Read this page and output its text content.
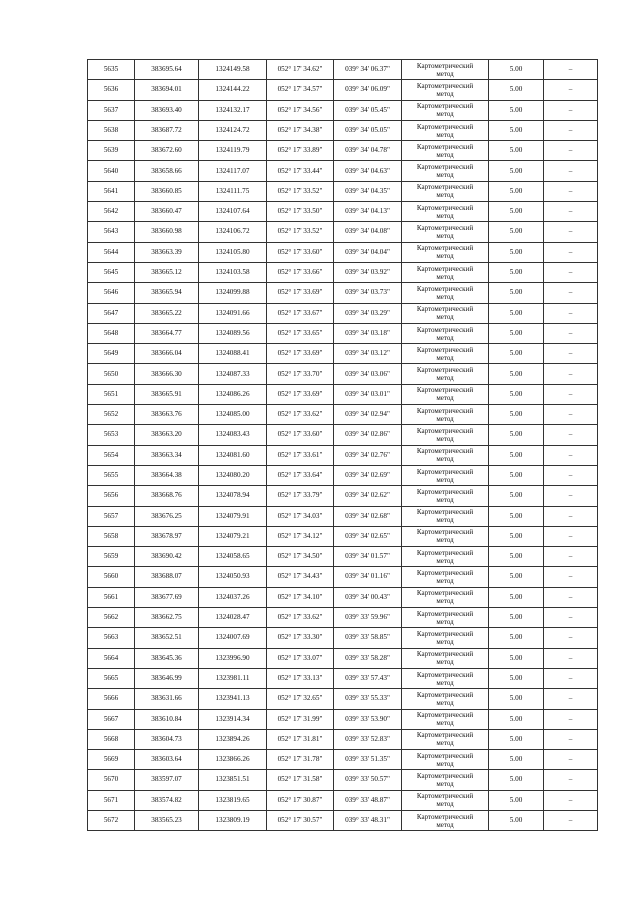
5635	383695.64	1324149.58	052° 17' 34.62"	039° 34' 06.37"	Картометрический
метод	5.00	–
5636	383694.01	1324144.22	052° 17' 34.57"	039° 34' 06.09"	Картометрический
метод	5.00	–
5637	383693.40	1324132.17	052° 17' 34.56"	039° 34' 05.45"	Картометрический
метод	5.00	–
5638	383687.72	1324124.72	052° 17' 34.38"	039° 34' 05.05"	Картометрический
метод	5.00	–
5639	383672.60	1324119.79	052° 17' 33.89"	039° 34' 04.78"	Картометрический
метод	5.00	–
5640	383658.66	1324117.07	052° 17' 33.44"	039° 34' 04.63"	Картометрический
метод	5.00	–
5641	383660.85	1324111.75	052° 17' 33.52"	039° 34' 04.35"	Картометрический
метод	5.00	–
5642	383660.47	1324107.64	052° 17' 33.50"	039° 34' 04.13"	Картометрический
метод	5.00	–
5643	383660.98	1324106.72	052° 17' 33.52"	039° 34' 04.08"	Картометрический
метод	5.00	–
5644	383663.39	1324105.80	052° 17' 33.60"	039° 34' 04.04"	Картометрический
метод	5.00	–
5645	383665.12	1324103.58	052° 17' 33.66"	039° 34' 03.92"	Картометрический
метод	5.00	–
5646	383665.94	1324099.88	052° 17' 33.69"	039° 34' 03.73"	Картометрический
метод	5.00	–
5647	383665.22	1324091.66	052° 17' 33.67"	039° 34' 03.29"	Картометрический
метод	5.00	–
5648	383664.77	1324089.56	052° 17' 33.65"	039° 34' 03.18"	Картометрический
метод	5.00	–
5649	383666.04	1324088.41	052° 17' 33.69"	039° 34' 03.12"	Картометрический
метод	5.00	–
5650	383666.30	1324087.33	052° 17' 33.70"	039° 34' 03.06"	Картометрический
метод	5.00	–
5651	383665.91	1324086.26	052° 17' 33.69"	039° 34' 03.01"	Картометрический
метод	5.00	–
5652	383663.76	1324085.00	052° 17' 33.62"	039° 34' 02.94"	Картометрический
метод	5.00	–
5653	383663.20	1324083.43	052° 17' 33.60"	039° 34' 02.86"	Картометрический
метод	5.00	–
5654	383663.34	1324081.60	052° 17' 33.61"	039° 34' 02.76"	Картометрический
метод	5.00	–
5655	383664.38	1324080.20	052° 17' 33.64"	039° 34' 02.69"	Картометрический
метод	5.00	–
5656	383668.76	1324078.94	052° 17' 33.79"	039° 34' 02.62"	Картометрический
метод	5.00	–
5657	383676.25	1324079.91	052° 17' 34.03"	039° 34' 02.68"	Картометрический
метод	5.00	–
5658	383678.97	1324079.21	052° 17' 34.12"	039° 34' 02.65"	Картометрический
метод	5.00	–
5659	383690.42	1324058.65	052° 17' 34.50"	039° 34' 01.57"	Картометрический
метод	5.00	–
5660	383688.07	1324050.93	052° 17' 34.43"	039° 34' 01.16"	Картометрический
метод	5.00	–
5661	383677.69	1324037.26	052° 17' 34.10"	039° 34' 00.43"	Картометрический
метод	5.00	–
5662	383662.75	1324028.47	052° 17' 33.62"	039° 33' 59.96"	Картометрический
метод	5.00	–
5663	383652.51	1324007.69	052° 17' 33.30"	039° 33' 58.85"	Картометрический
метод	5.00	–
5664	383645.36	1323996.90	052° 17' 33.07"	039° 33' 58.28"	Картометрический
метод	5.00	–
5665	383646.99	1323981.11	052° 17' 33.13"	039° 33' 57.43"	Картометрический
метод	5.00	–
5666	383631.66	1323941.13	052° 17' 32.65"	039° 33' 55.33"	Картометрический
метод	5.00	–
5667	383610.84	1323914.34	052° 17' 31.99"	039° 33' 53.90"	Картометрический
метод	5.00	–
5668	383604.73	1323894.26	052° 17' 31.81"	039° 33' 52.83"	Картометрический
метод	5.00	–
5669	383603.64	1323866.26	052° 17' 31.78"	039° 33' 51.35"	Картометрический
метод	5.00	–
5670	383597.07	1323851.51	052° 17' 31.58"	039° 33' 50.57"	Картометрический
метод	5.00	–
5671	383574.82	1323819.65	052° 17' 30.87"	039° 33' 48.87"	Картометрический
метод	5.00	–
5672	383565.23	1323809.19	052° 17' 30.57"	039° 33' 48.31"	Картометрический
метод	5.00	–
